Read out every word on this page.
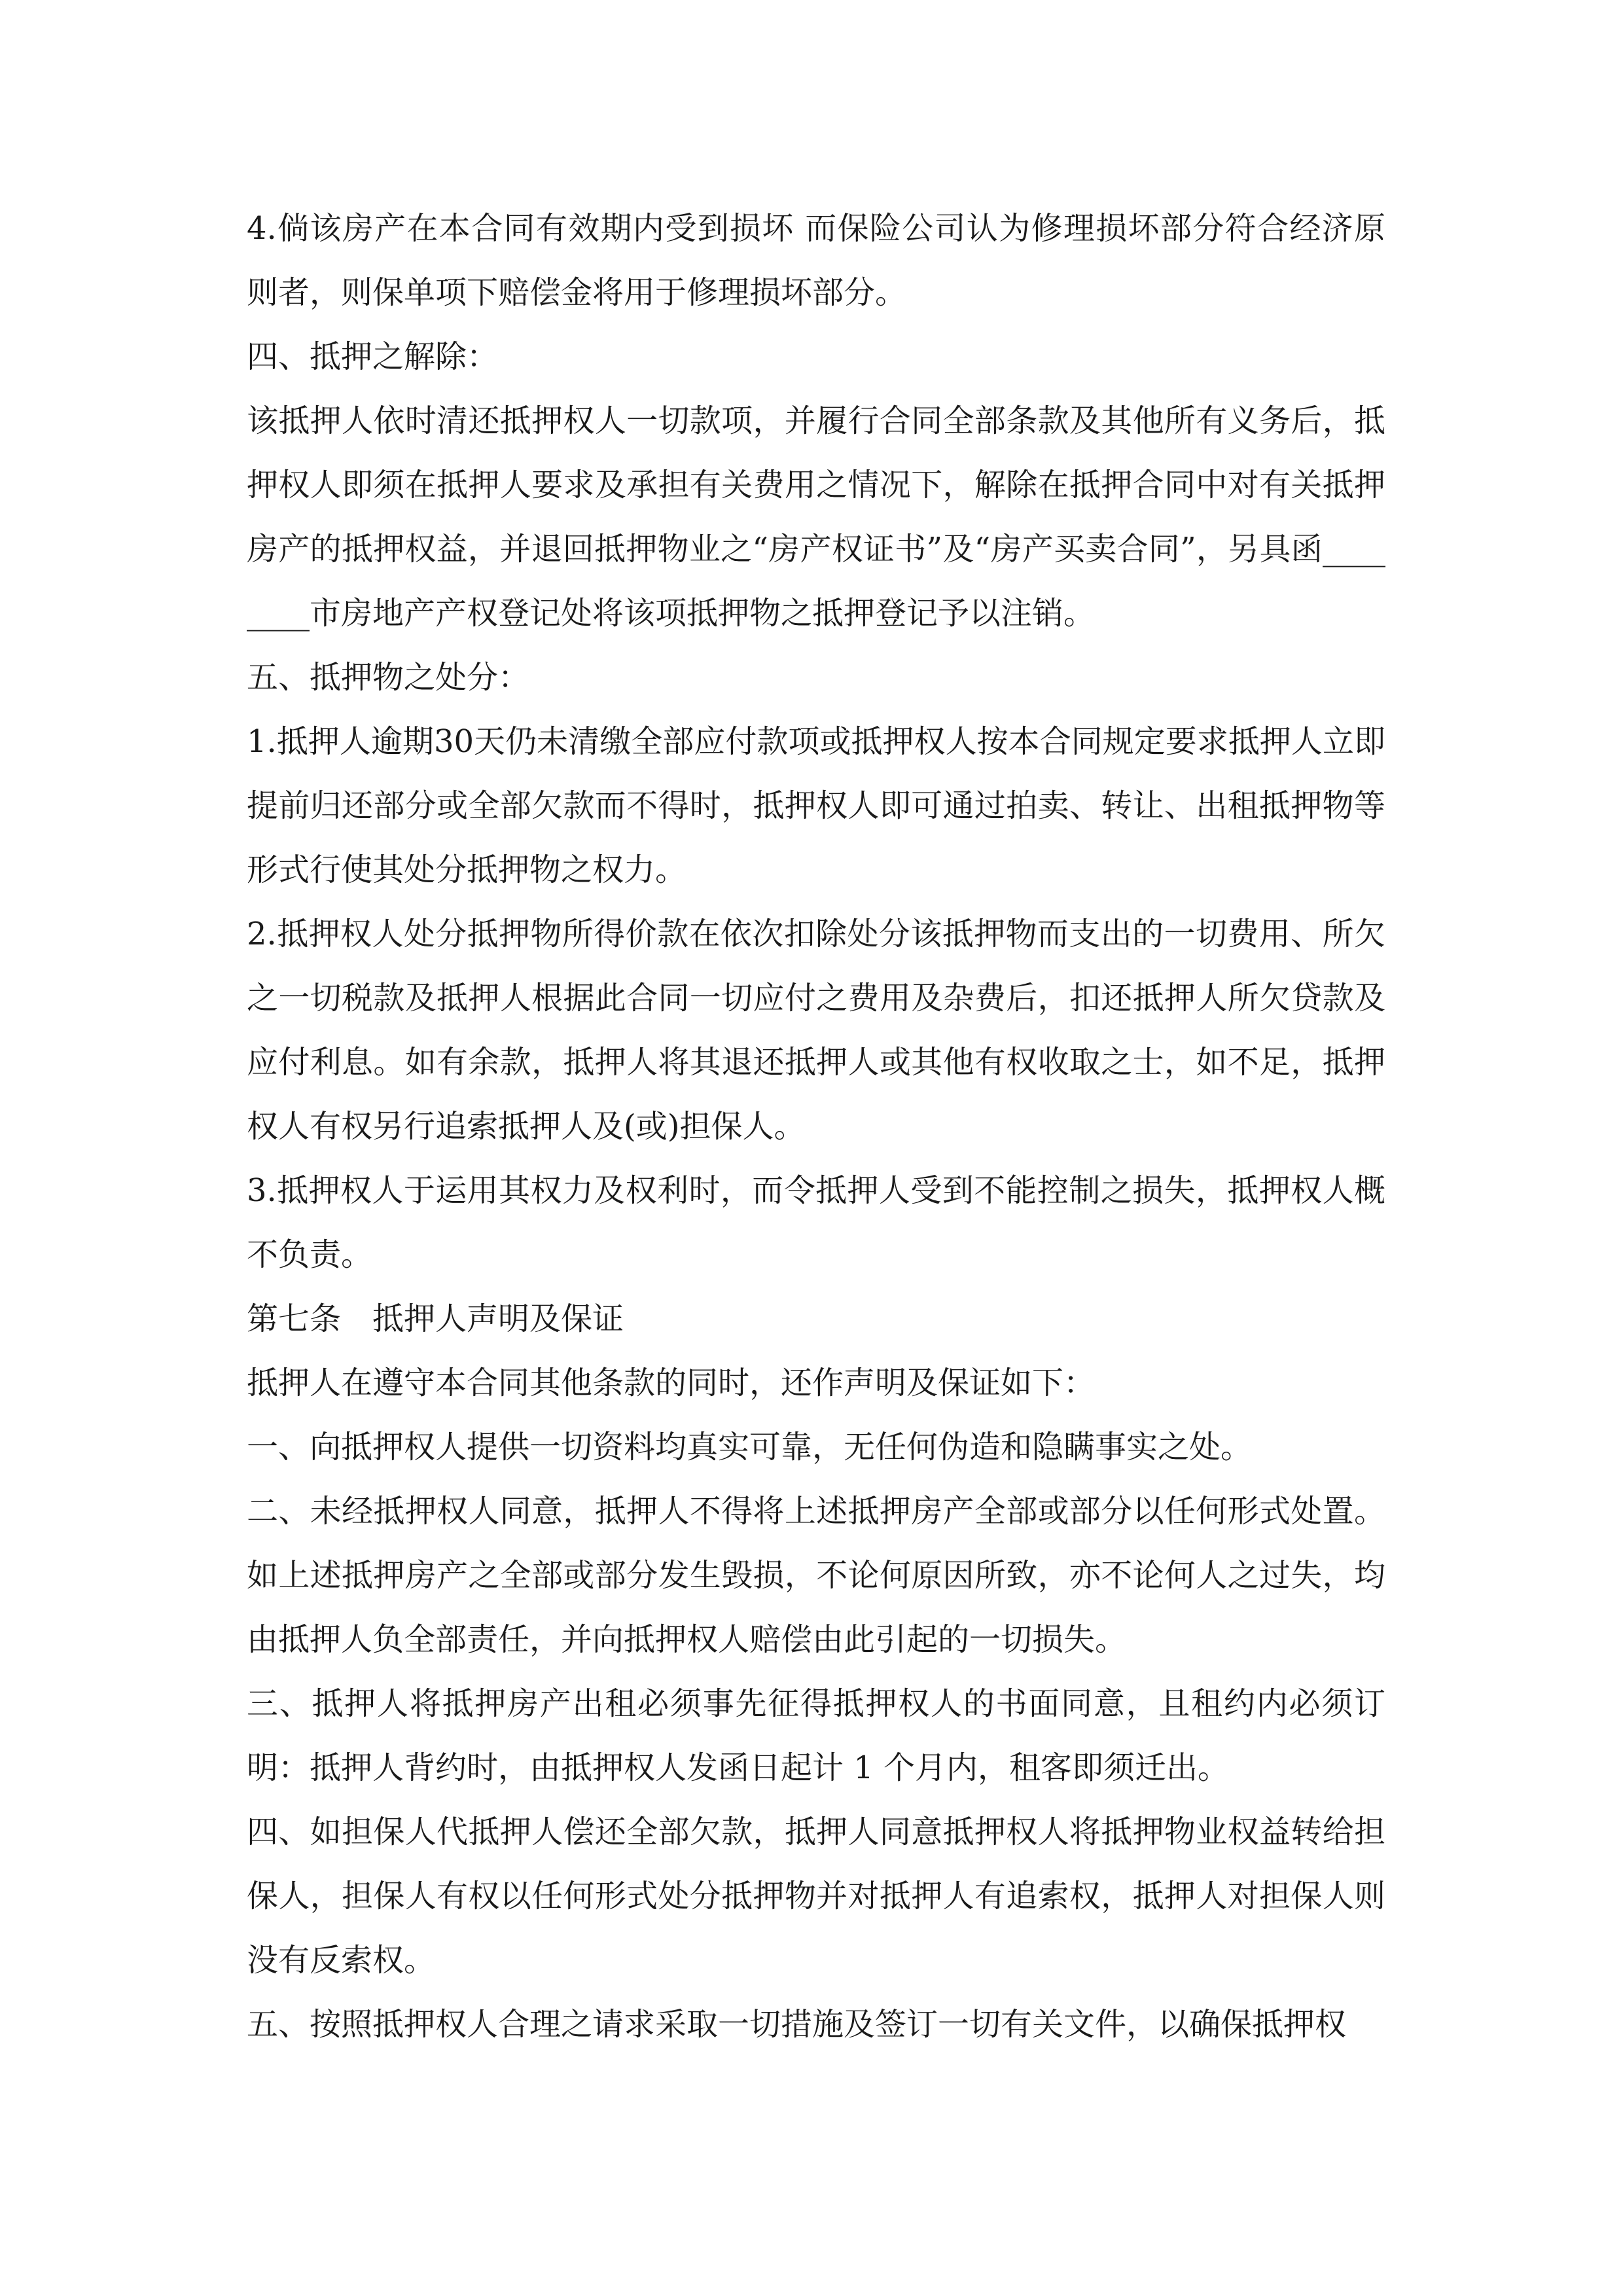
4.倘该房产在本合同有效期内受到损坏 而保险公司认为修理损坏部分符合经济原则者，则保单项下赔偿金将用于修理损坏部分。

四、抵押之解除：

该抵押人依时清还抵押权人一切款项，并履行合同全部条款及其他所有义务后，抵押权人即须在抵押人要求及承担有关费用之情况下，解除在抵押合同中对有关抵押房产的抵押权益，并退回抵押物业之“房产权证书”及“房产买卖合同”，另具函________市房地产产权登记处将该项抵押物之抵押登记予以注销。

五、抵押物之处分：

1.抵押人逾期30天仍未清缴全部应付款项或抵押权人按本合同规定要求抵押人立即提前归还部分或全部欠款而不得时，抵押权人即可通过拍卖、转让、出租抵押物等形式行使其处分抵押物之权力。

2.抵押权人处分抵押物所得价款在依次扣除处分该抵押物而支出的一切费用、所欠之一切税款及抵押人根据此合同一切应付之费用及杂费后，扣还抵押人所欠贷款及应付利息。如有余款，抵押人将其退还抵押人或其他有权收取之士，如不足，抵押权人有权另行追索抵押人及(或)担保人。

3.抵押权人于运用其权力及权利时，而令抵押人受到不能控制之损失，抵押权人概不负责。

第七条　抵押人声明及保证

抵押人在遵守本合同其他条款的同时，还作声明及保证如下：

一、向抵押权人提供一切资料均真实可靠，无任何伪造和隐瞒事实之处。

二、未经抵押权人同意，抵押人不得将上述抵押房产全部或部分以任何形式处置。如上述抵押房产之全部或部分发生毁损，不论何原因所致，亦不论何人之过失，均由抵押人负全部责任，并向抵押权人赔偿由此引起的一切损失。

三、抵押人将抵押房产出租必须事先征得抵押权人的书面同意，且租约内必须订明：抵押人背约时，由抵押权人发函日起计 1 个月内，租客即须迁出。

四、如担保人代抵押人偿还全部欠款，抵押人同意抵押权人将抵押物业权益转给担保人，担保人有权以任何形式处分抵押物并对抵押人有追索权，抵押人对担保人则没有反索权。

五、按照抵押权人合理之请求采取一切措施及签订一切有关文件，以确保抵押权
